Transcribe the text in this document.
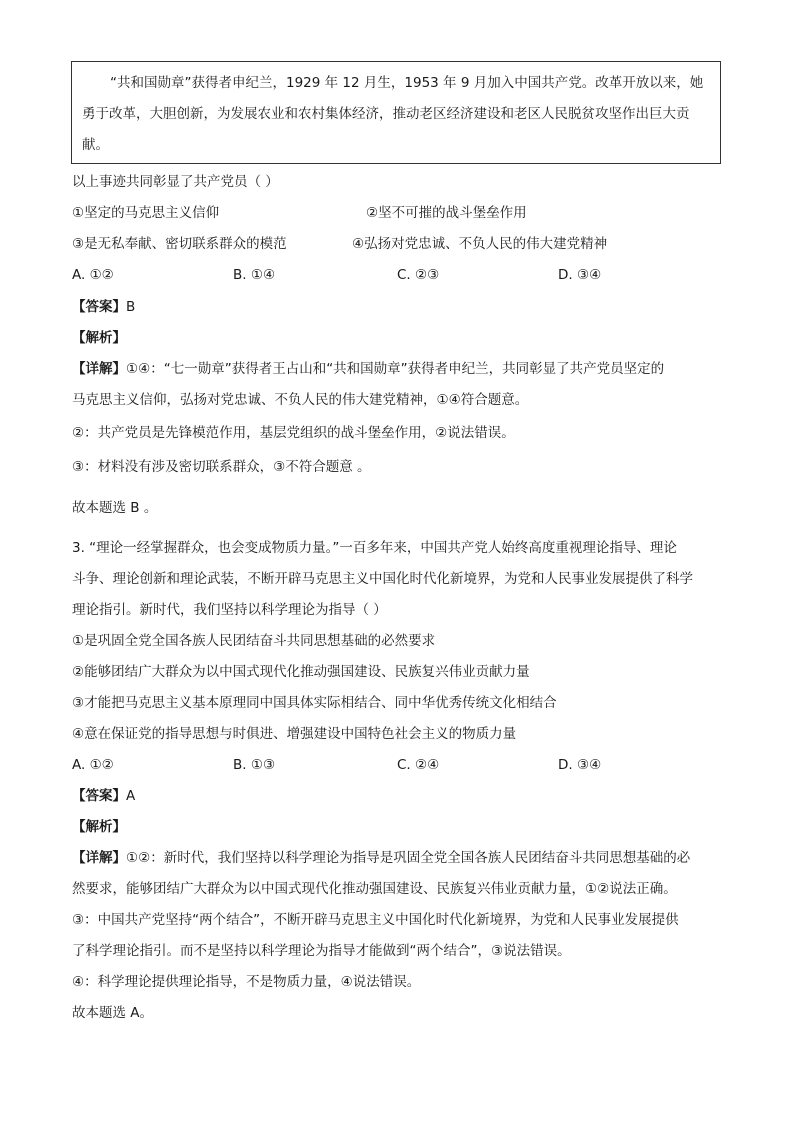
“共和国勋章”获得者申纪兰，1929 年 12 月生，1953 年 9 月加入中国共产党。改革开放以来，她
勇于改革，大胆创新，为发展农业和农村集体经济，推动老区经济建设和老区人民脱贫攻坚作出巨大贡
献。
以上事迹共同彰显了共产党员（ ）
①坚定的马克思主义信仰	②坚不可摧的战斗堡垒作用
③是无私奉献、密切联系群众的模范	④弘扬对党忠诚、不负人民的伟大建党精神
A. ①②	B. ①④	C. ②③	D. ③④
【答案】B
【解析】
【详解】①④：“七一勋章”获得者王占山和“共和国勋章”获得者申纪兰，共同彰显了共产党员坚定的
马克思主义信仰，弘扬对党忠诚、不负人民的伟大建党精神，①④符合题意。
②：共产党员是先锋模范作用，基层党组织的战斗堡垒作用，②说法错误。
③：材料没有涉及密切联系群众，③不符合题意 。
故本题选 B 。
3. “理论一经掌握群众，也会变成物质力量。”一百多年来，中国共产党人始终高度重视理论指导、理论
斗争、理论创新和理论武装，不断开辟马克思主义中国化时代化新境界，为党和人民事业发展提供了科学
理论指引。新时代，我们坚持以科学理论为指导（ ）
①是巩固全党全国各族人民团结奋斗共同思想基础的必然要求
②能够团结广大群众为以中国式现代化推动强国建设、民族复兴伟业贡献力量
③才能把马克思主义基本原理同中国具体实际相结合、同中华优秀传统文化相结合
④意在保证党的指导思想与时俱进、增强建设中国特色社会主义的物质力量
A. ①②	B. ①③	C. ②④	D. ③④
【答案】A
【解析】
【详解】①②：新时代，我们坚持以科学理论为指导是巩固全党全国各族人民团结奋斗共同思想基础的必
然要求，能够团结广大群众为以中国式现代化推动强国建设、民族复兴伟业贡献力量，①②说法正确。
③：中国共产党坚持“两个结合”，不断开辟马克思主义中国化时代化新境界，为党和人民事业发展提供
了科学理论指引。而不是坚持以科学理论为指导才能做到“两个结合”，③说法错误。
④：科学理论提供理论指导，不是物质力量，④说法错误。
故本题选 A。
